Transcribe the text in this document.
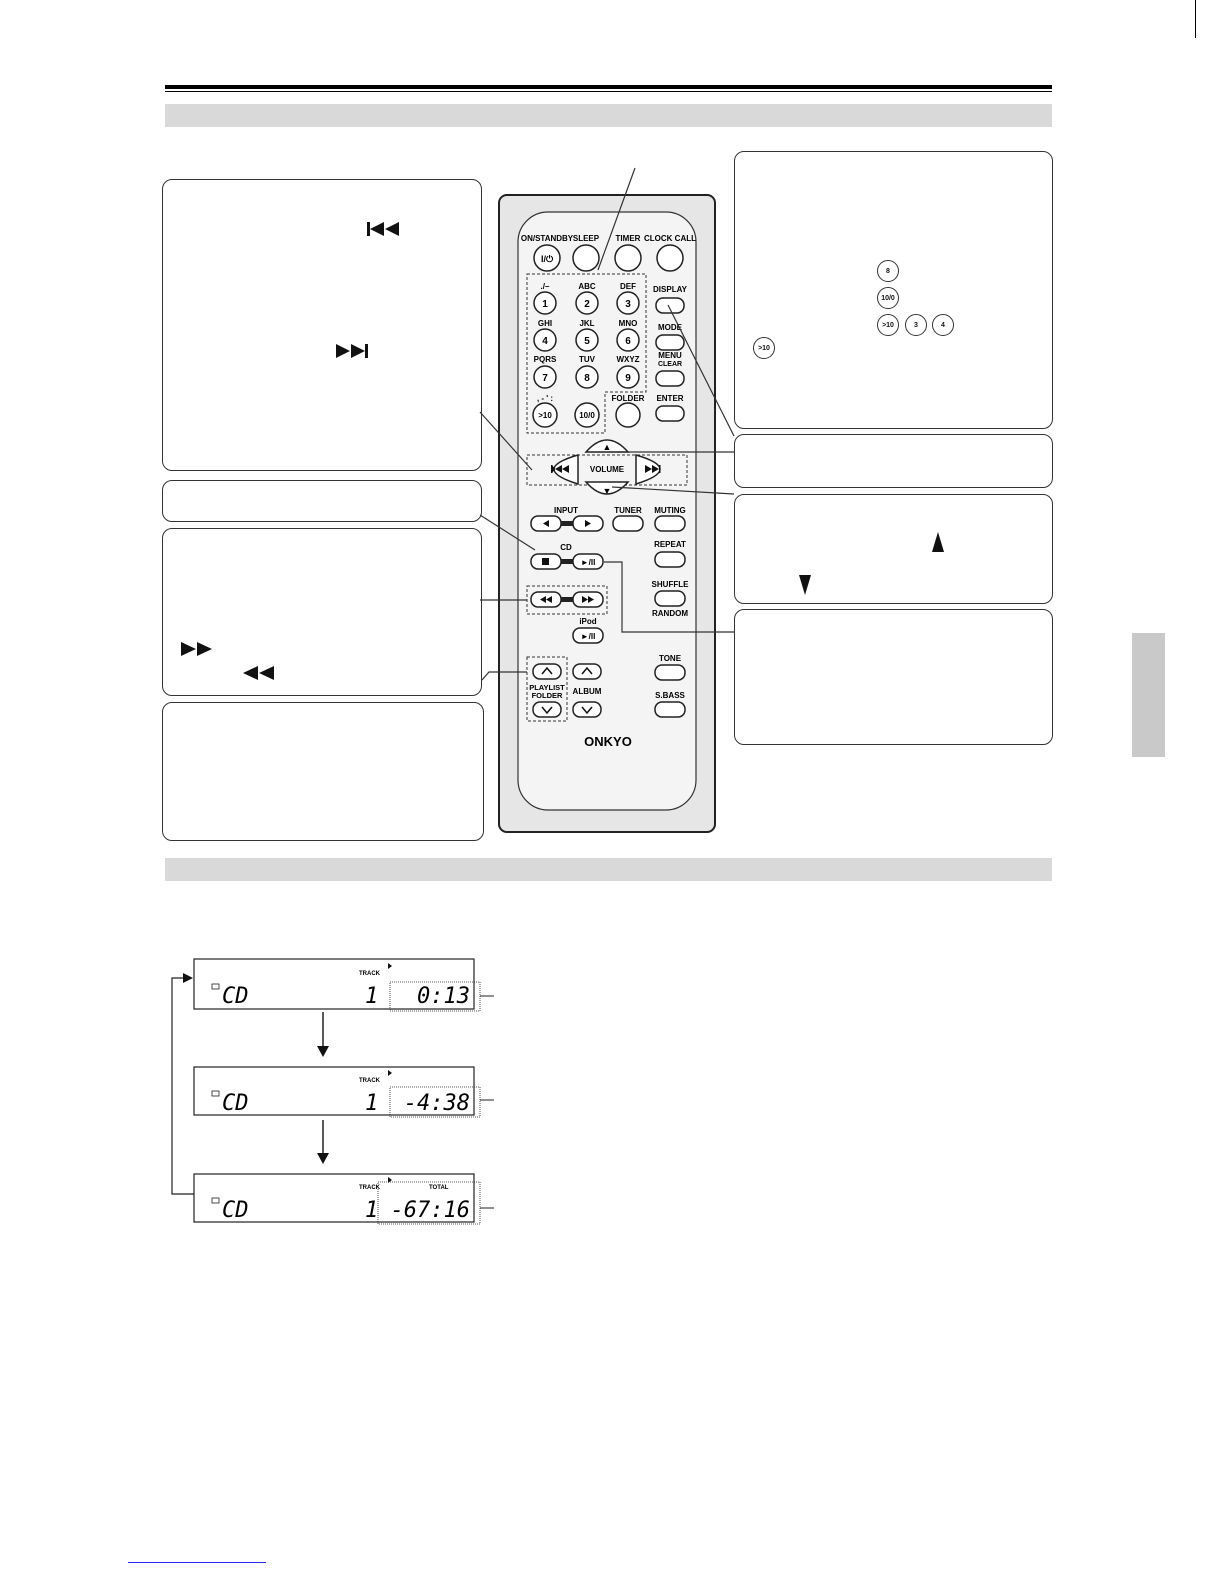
8
10/0
>10	3	4
>10
ON/STANDBY SLEEP TIMER CLOCK CALL
I/⏻
./–	ABC	DEF
1	2	3
GHI	JKL	MNO
4	5	6
PQRS	TUV	WXYZ
7	8	9
, - ' :
>10	10/0
FOLDER
DISPLAY
MODE
MENU
CLEAR
ENTER
▲
▼
VOLUME
INPUT	TUNER MUTING
CD
►/II
REPEAT
SHUFFLE
RANDOM
iPod
►/II
PLAYLIST
FOLDER ALBUM
TONE
S.BASS
ONKYO
CD
TRACK
1 0:13
CD
TRACK
1 -4:38
CD
TRACK	TOTAL
1 -67:16
